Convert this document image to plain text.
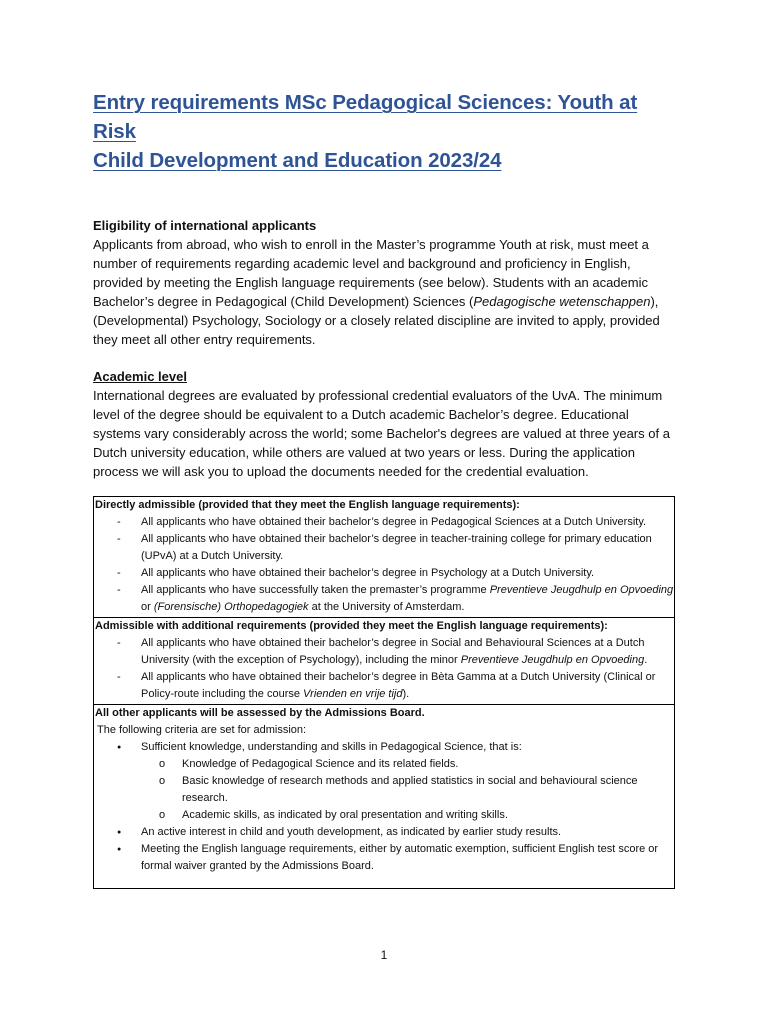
Entry requirements MSc Pedagogical Sciences: Youth at Risk
Child Development and Education 2023/24
Eligibility of international applicants

Applicants from abroad, who wish to enroll in the Master’s programme Youth at risk, must meet a number of requirements regarding academic level and background and proficiency in English, provided by meeting the English language requirements (see below). Students with an academic Bachelor’s degree in Pedagogical (Child Development) Sciences (Pedagogische wetenschappen), (Developmental) Psychology, Sociology or a closely related discipline are invited to apply, provided they meet all other entry requirements.

Academic level

International degrees are evaluated by professional credential evaluators of the UvA. The minimum level of the degree should be equivalent to a Dutch academic Bachelor’s degree. Educational systems vary considerably across the world; some Bachelor's degrees are valued at three years of a Dutch university education, while others are valued at two years or less. During the application process we will ask you to upload the documents needed for the credential evaluation.

Directly admissible (provided that they meet the English language requirements):
- All applicants who have obtained their bachelor’s degree in Pedagogical Sciences at a Dutch University.
- All applicants who have obtained their bachelor’s degree in teacher-training college for primary education (UPvA) at a Dutch University.
- All applicants who have obtained their bachelor’s degree in Psychology at a Dutch University.
- All applicants who have successfully taken the premaster’s programme Preventieve Jeugdhulp en Opvoeding or (Forensische) Orthopedagogiek at the University of Amsterdam.

Admissible with additional requirements (provided they meet the English language requirements):
- All applicants who have obtained their bachelor’s degree in Social and Behavioural Sciences at a Dutch University (with the exception of Psychology), including the minor Preventieve Jeugdhulp en Opvoeding.
- All applicants who have obtained their bachelor’s degree in Bèta Gamma at a Dutch University (Clinical or Policy-route including the course Vrienden en vrije tijd).

All other applicants will be assessed by the Admissions Board.
The following criteria are set for admission:
● Sufficient knowledge, understanding and skills in Pedagogical Science, that is:
o Knowledge of Pedagogical Science and its related fields.
o Basic knowledge of research methods and applied statistics in social and behavioural science research.
o Academic skills, as indicated by oral presentation and writing skills.
● An active interest in child and youth development, as indicated by earlier study results.
● Meeting the English language requirements, either by automatic exemption, sufficient English test score or formal waiver granted by the Admissions Board.
1
